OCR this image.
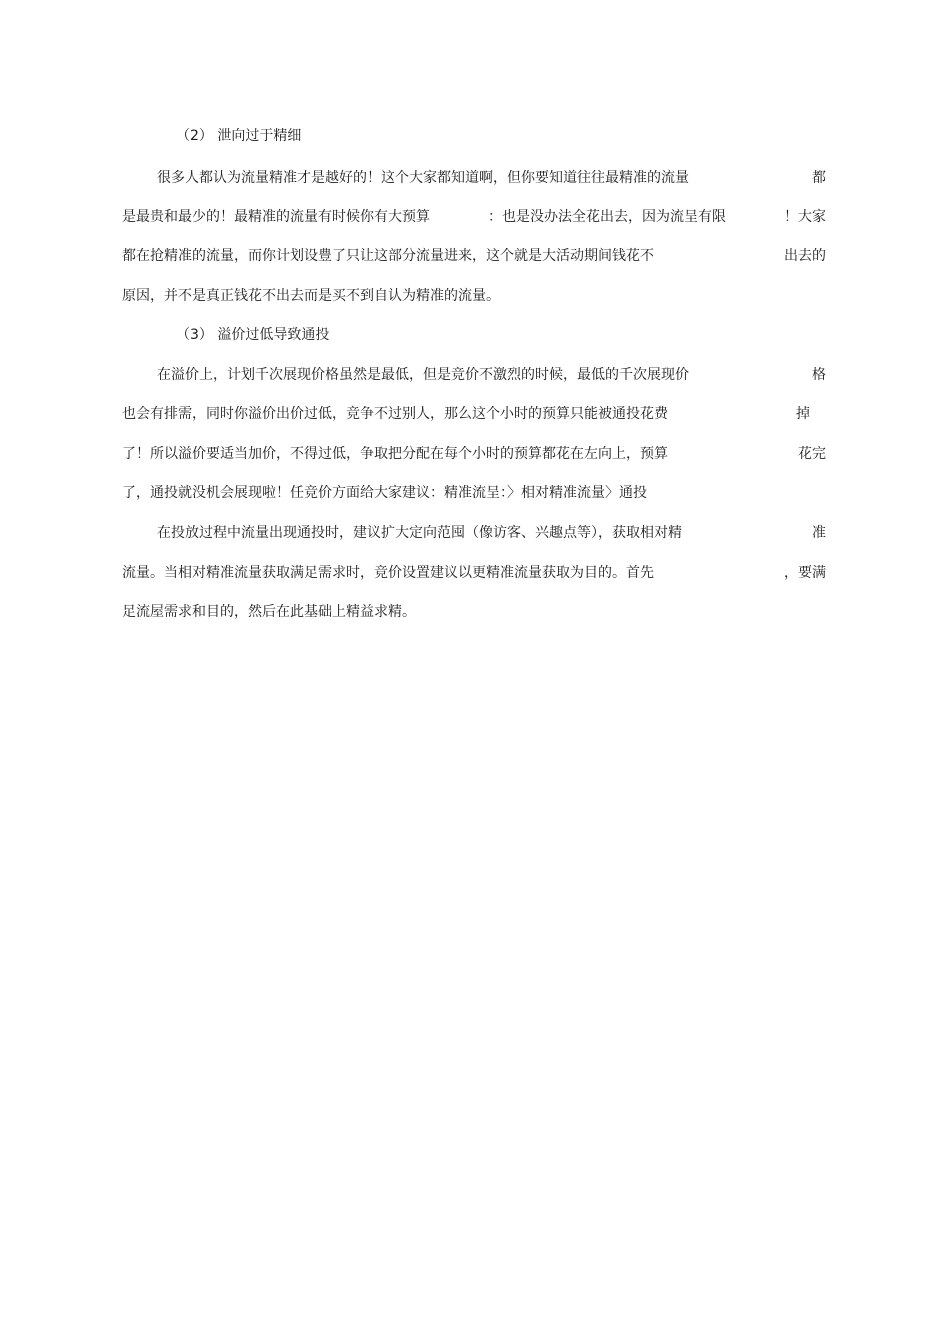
（2） 泄向过于精细
很多人都认为流量精准才是越好的！这个大家都知道啊，但你要知道往往最精准的流量	都
是最贵和最少的！最精准的流量有时候你有大预算	：也是没办法全花出去，因为流呈有限	！大家
都在抢精准的流量，而你计划设豊了只让这部分流量进来，这个就是大活动期间钱花不	出去的
原因，并不是真正钱花不出去而是买不到自认为精准的流量。
（3） 溢价过低导致通投
在溢价上，计划千次展现价格虽然是最低，但是竞价不激烈的时候，最低的千次展现价	格
也会有排需，同时你溢价出价过低，竞争不过别人，那么这个小时的预算只能被通投花费	掉
了！所以溢价要适当加价，不得过低，争取把分配在每个小时的预算都花在左向上，预算	花完
了，通投就没机会展现啦！任竞价方面给大家建议：精准流呈：〉相对精准流量〉通投
在投放过程中流量出现通投时，建议扩大定向范囤（像访客、兴趣点等），获取相对精	准
流量。当相对精准流量获取满足需求时，竞价设置建议以更精准流量获取为目的。首先	，要满
足流屋需求和目的，然后在此基础上精益求精。
